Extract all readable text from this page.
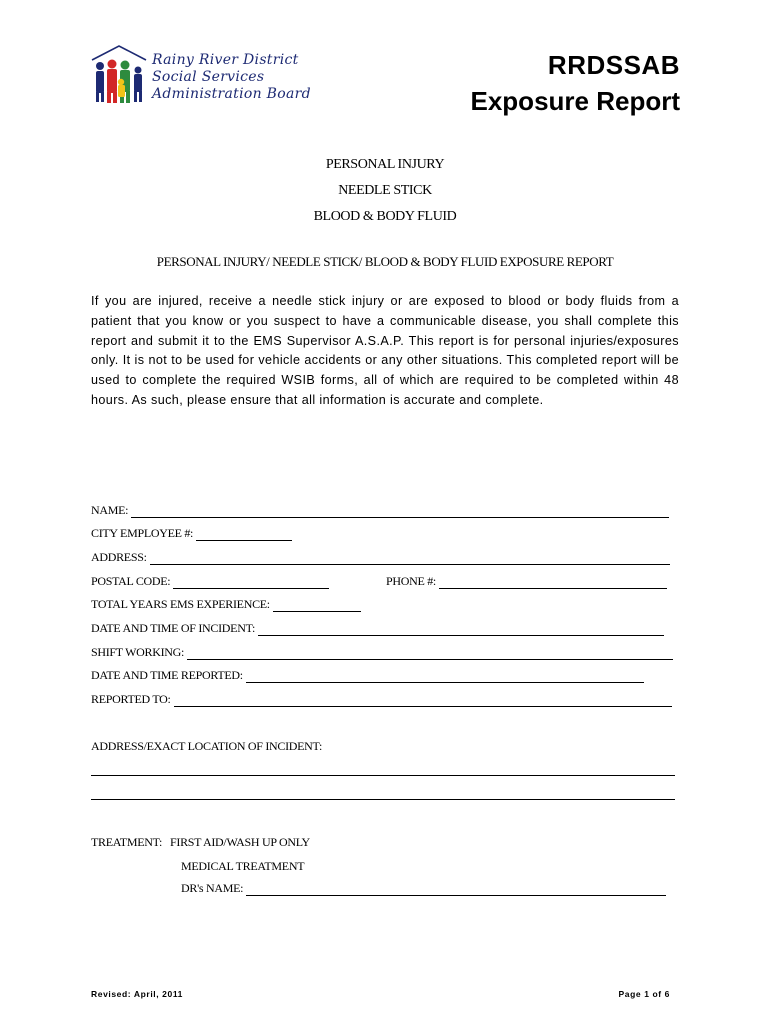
Rainy River District
Social Services
Administration Board
RRDSSAB
Exposure Report
PERSONAL INJURY
NEEDLE STICK
BLOOD & BODY FLUID
PERSONAL INJURY/ NEEDLE STICK/ BLOOD & BODY FLUID EXPOSURE REPORT
If you are injured, receive a needle stick injury or are exposed to blood or body fluids from a patient that you know or you suspect to have a communicable disease, you shall complete this report and submit it to the EMS Supervisor A.S.A.P. This report is for personal injuries/exposures only. It is not to be used for vehicle accidents or any other situations. This completed report will be used to complete the required WSIB forms, all of which are required to be completed within 48 hours. As such, please ensure that all information is accurate and complete.
NAME:
CITY EMPLOYEE #:
ADDRESS:
POSTAL CODE:	PHONE #:
TOTAL YEARS EMS EXPERIENCE:
DATE AND TIME OF INCIDENT:
SHIFT WORKING:
DATE AND TIME REPORTED:
REPORTED TO:
ADDRESS/EXACT LOCATION OF INCIDENT:
TREATMENT: FIRST AID/WASH UP ONLY
MEDICAL TREATMENT
DR's NAME:
Revised: April, 2011	Page 1 of 6
